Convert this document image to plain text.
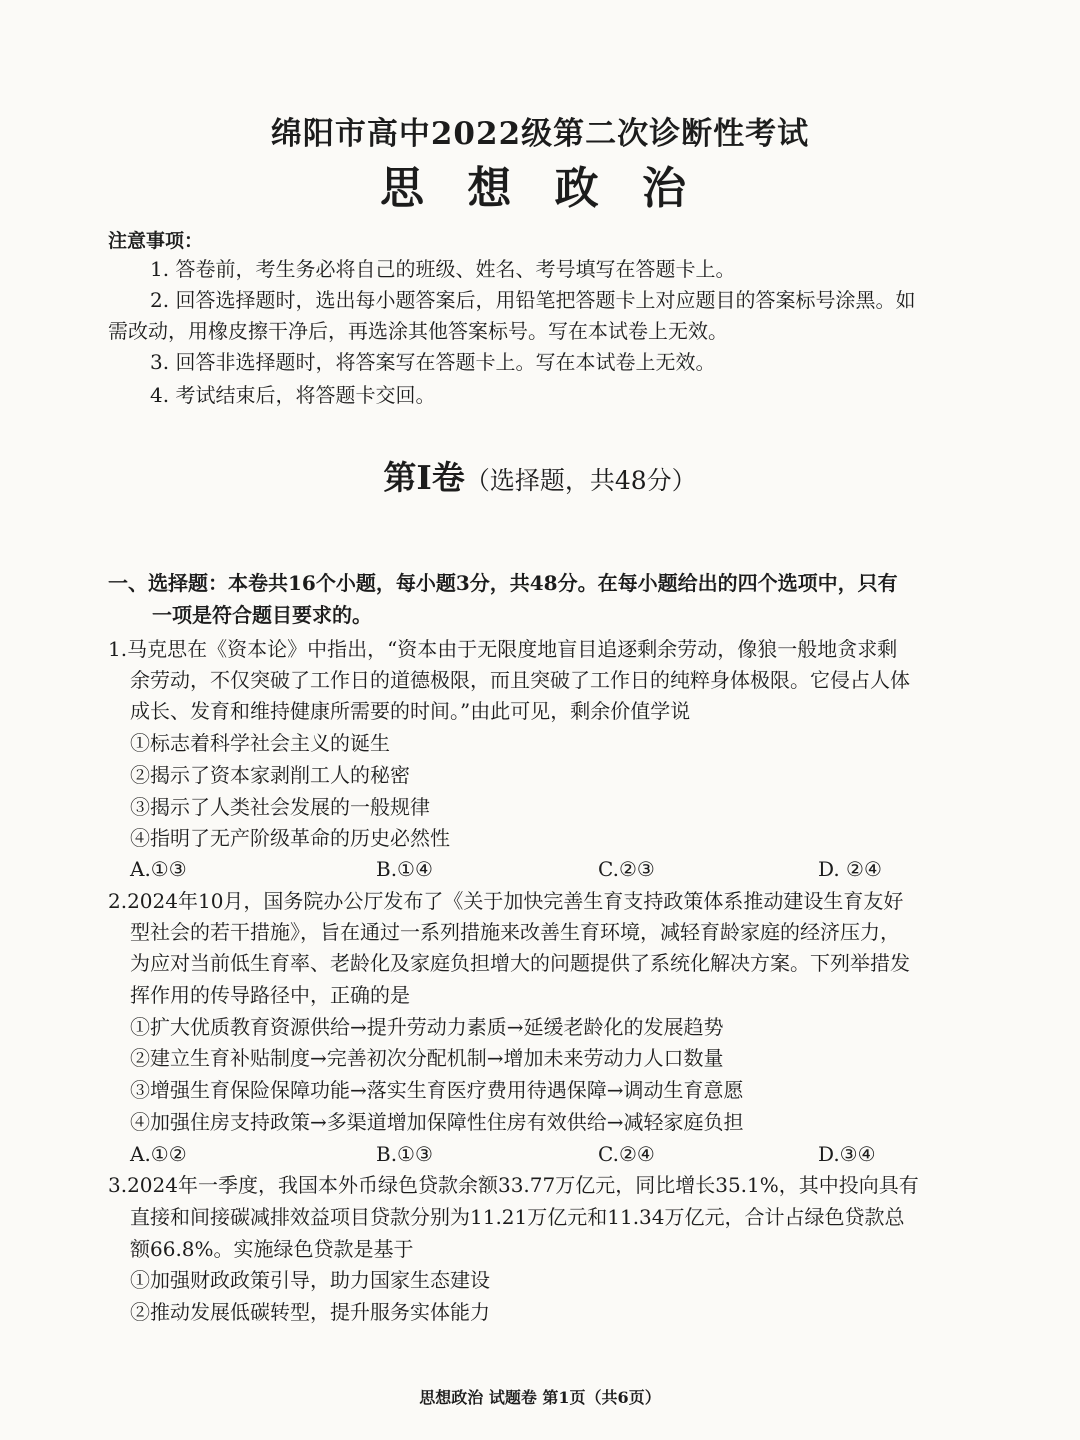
绵阳市高中2022级第二次诊断性考试
思 想 政 治
注意事项：
1. 答卷前，考生务必将自己的班级、姓名、考号填写在答题卡上。
2. 回答选择题时，选出每小题答案后，用铅笔把答题卡上对应题目的答案标号涂黑。如
需改动，用橡皮擦干净后，再选涂其他答案标号。写在本试卷上无效。
3. 回答非选择题时，将答案写在答题卡上。写在本试卷上无效。
4. 考试结束后，将答题卡交回。
第Ⅰ卷（选择题，共48分）
一、选择题：本卷共16个小题，每小题3分，共48分。在每小题给出的四个选项中，只有
一项是符合题目要求的。
1.马克思在《资本论》中指出，“资本由于无限度地盲目追逐剩余劳动，像狼一般地贪求剩
余劳动，不仅突破了工作日的道德极限，而且突破了工作日的纯粹身体极限。它侵占人体
成长、发育和维持健康所需要的时间。”由此可见，剩余价值学说
①标志着科学社会主义的诞生
②揭示了资本家剥削工人的秘密
③揭示了人类社会发展的一般规律
④指明了无产阶级革命的历史必然性
A.①③	B.①④	C.②③	D. ②④
2.2024年10月，国务院办公厅发布了《关于加快完善生育支持政策体系推动建设生育友好
型社会的若干措施》，旨在通过一系列措施来改善生育环境，减轻育龄家庭的经济压力，
为应对当前低生育率、老龄化及家庭负担增大的问题提供了系统化解决方案。下列举措发
挥作用的传导路径中，正确的是
①扩大优质教育资源供给→提升劳动力素质→延缓老龄化的发展趋势
②建立生育补贴制度→完善初次分配机制→增加未来劳动力人口数量
③增强生育保险保障功能→落实生育医疗费用待遇保障→调动生育意愿
④加强住房支持政策→多渠道增加保障性住房有效供给→减轻家庭负担
A.①②	B.①③	C.②④	D.③④
3.2024年一季度，我国本外币绿色贷款余额33.77万亿元，同比增长35.1%，其中投向具有
直接和间接碳减排效益项目贷款分别为11.21万亿元和11.34万亿元，合计占绿色贷款总
额66.8%。实施绿色贷款是基于
①加强财政政策引导，助力国家生态建设
②推动发展低碳转型，提升服务实体能力
思想政治 试题卷 第1页（共6页）
